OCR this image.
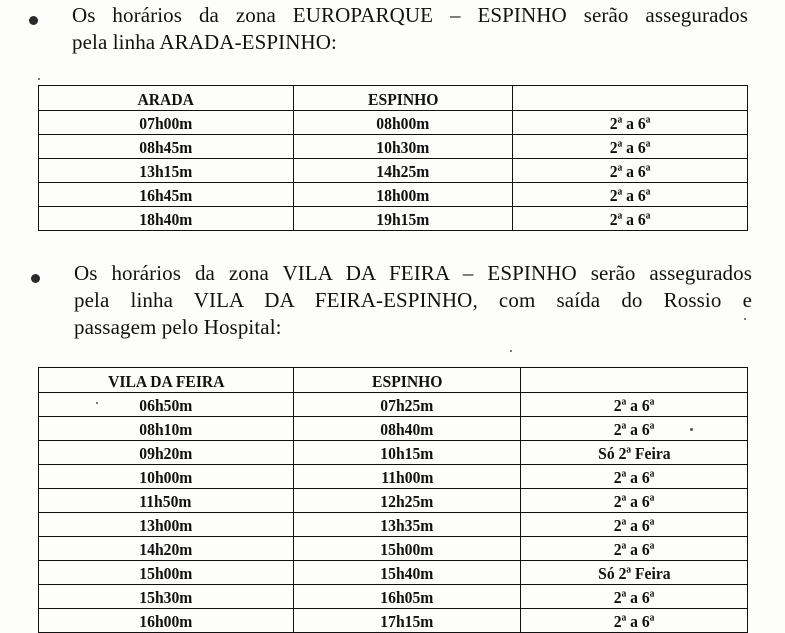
Os horários da zona EUROPARQUE – ESPINHO serão assegurados
pela linha ARADA-ESPINHO:
ARADA	ESPINHO	
07h00m	08h00m	2ª a 6ª
08h45m	10h30m	2ª a 6ª
13h15m	14h25m	2ª a 6ª
16h45m	18h00m	2ª a 6ª
18h40m	19h15m	2ª a 6ª
Os horários da zona VILA DA FEIRA – ESPINHO serão assegurados
pela linha VILA DA FEIRA-ESPINHO, com saída do Rossio e
passagem pelo Hospital:
VILA DA FEIRA	ESPINHO	
06h50m	07h25m	2ª a 6ª
08h10m	08h40m	2ª a 6ª
09h20m	10h15m	Só 2ª Feira
10h00m	11h00m	2ª a 6ª
11h50m	12h25m	2ª a 6ª
13h00m	13h35m	2ª a 6ª
14h20m	15h00m	2ª a 6ª
15h00m	15h40m	Só 2ª Feira
15h30m	16h05m	2ª a 6ª
16h00m	17h15m	2ª a 6ª
